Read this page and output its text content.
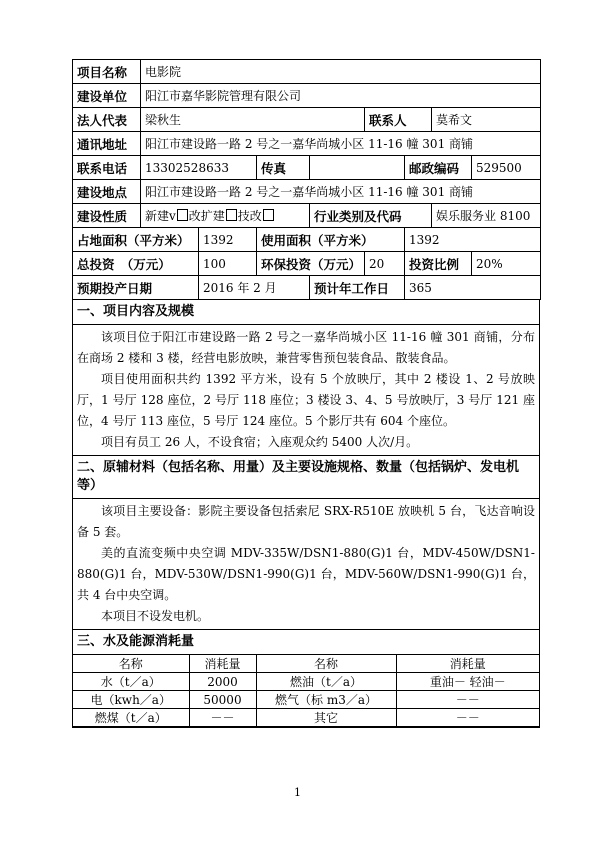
项目名称	电影院							
建设单位	阳江市嘉华影院管理有限公司							
法人代表	梁秋生				联系人		莫希文	
通讯地址	阳江市建设路一路 2 号之一嘉华尚城小区 11-16 幢 301 商铺							
联系电话	13302528633		传真			邮政编码		529500
建设地点	阳江市建设路一路 2 号之一嘉华尚城小区 11-16 幢 301 商铺							
建设性质	新建v 改扩建 技改			行业类别及代码			娱乐服务业 8100	
占地面积（平方米）		1392	使用面积（平方米）			1392		
总投资　（万元）		100	环保投资（万元）		20	投资比例		20%
预期投产日期		2016 年 2 月		预计年工作日		365		
一、项目内容及规模

该项目位于阳江市建设路一路 2 号之一嘉华尚城小区 11-16 幢 301 商铺，分布在商场 2 楼和 3 楼，经营电影放映，兼营零售预包装食品、散装食品。

项目使用面积共约 1392 平方米，设有 5 个放映厅，其中 2 楼设 1、2 号放映厅，1 号厅 128 座位，2 号厅 118 座位；3 楼设 3、4、5 号放映厅，3 号厅 121 座位，4 号厅 113 座位，5 号厅 124 座位。5 个影厅共有 604 个座位。

项目有员工 26 人，不设食宿；入座观众约 5400 人次/月。

二、原辅材料（包括名称、用量）及主要设施规格、数量（包括锅炉、发电机等）

该项目主要设备：影院主要设备包括索尼 SRX-R510E 放映机 5 台，飞达音响设备 5 套。

美的直流变频中央空调 MDV-335W/DSN1-880(G)1 台，MDV-450W/DSN1-880(G)1 台，MDV-530W/DSN1-990(G)1 台，MDV-560W/DSN1-990(G)1 台，共 4 台中央空调。

本项目不设发电机。

三、水及能源消耗量
名称	消耗量	名称	消耗量
水（t／a）	2000	燃油（t／a）	重油－ 轻油－
电（kwh／a）	50000	燃气（标 m3／a）	－－
燃煤（t／a）	－－	其它	－－
1
